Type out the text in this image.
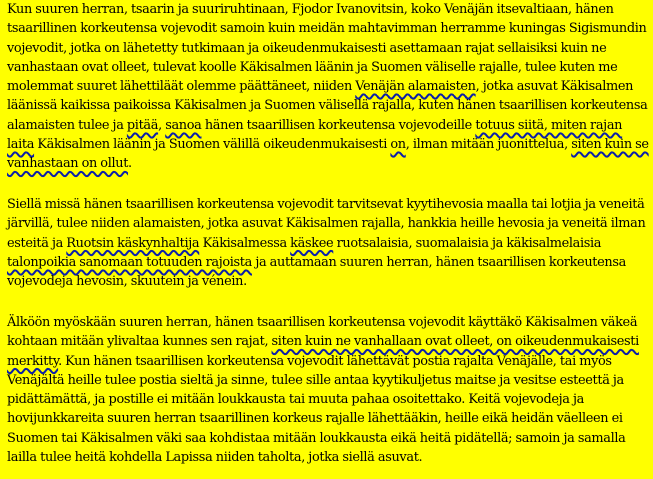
Kun suuren herran, tsaarin ja suuriruhtinaan, Fjodor Ivanovitsin, koko Venäjän itsevaltiaan, hänen tsaarillinen korkeutensa vojevodit samoin kuin meidän mahtavimman herramme kuningas Sigismundin vojevodit, jotka on lähetetty tutkimaan ja oikeudenmukaisesti asettamaan rajat sellaisiksi kuin ne vanhastaan ovat olleet, tulevat koolle Käkisalmen läänin ja Suomen väliselle rajalle, tulee kuten me molemmat suuret lähettiläät olemme päättäneet, niiden Venäjän alamaisten, jotka asuvat Käkisalmen läänissä kaikissa paikoissa Käkisalmen ja Suomen välisellä rajalla, kuten hänen tsaarillisen korkeutensa alamaisten tulee ja pitää, sanoa hänen tsaarillisen korkeutensa vojevodeille totuus siitä, miten rajan laita Käkisalmen läänin ja Suomen välillä oikeudenmukaisesti on, ilman mitään juonittelua, siten kuin se vanhastaan on ollut.

Siellä missä hänen tsaarillisen korkeutensa vojevodit tarvitsevat kyytihevosia maalla tai lotjia ja veneitä järvillä, tulee niiden alamaisten, jotka asuvat Käkisalmen rajalla, hankkia heille hevosia ja veneitä ilman esteitä ja Ruotsin käskynhaltija Käkisalmessa käskee ruotsalaisia, suomalaisia ja käkisalmelaisia talonpoikia sanomaan totuuden rajoista ja auttamaan suuren herran, hänen tsaarillisen korkeutensa vojevodeja hevosin, skuutein ja vénein.

Älköön myöskään suuren herran, hänen tsaarillisen korkeutensa vojevodit käyttäkö Käkisalmen väkeä kohtaan mitään ylivaltaa kunnes sen rajat, siten kuin ne vanhallaan ovat olleet, on oikeudenmukaisesti merkitty. Kun hänen tsaarillisen korkeutensa vojevodit lähettävät postia rajalta Venäjälle, tai myös Venäjältä heille tulee postia sieltä ja sinne, tulee sille antaa kyytikuljetus maitse ja vesitse esteettä ja pidättämättä, ja postille ei mitään loukkausta tai muuta pahaa osoitettako. Keitä vojevodeja ja hovijunkkareita suuren herran tsaarillinen korkeus rajalle lähettääkin, heille eikä heidän väelleen ei Suomen tai Käkisalmen väki saa kohdistaa mitään loukkausta eikä heitä pidätellä; samoin ja samalla lailla tulee heitä kohdella Lapissa niiden taholta, jotka siellä asuvat.
